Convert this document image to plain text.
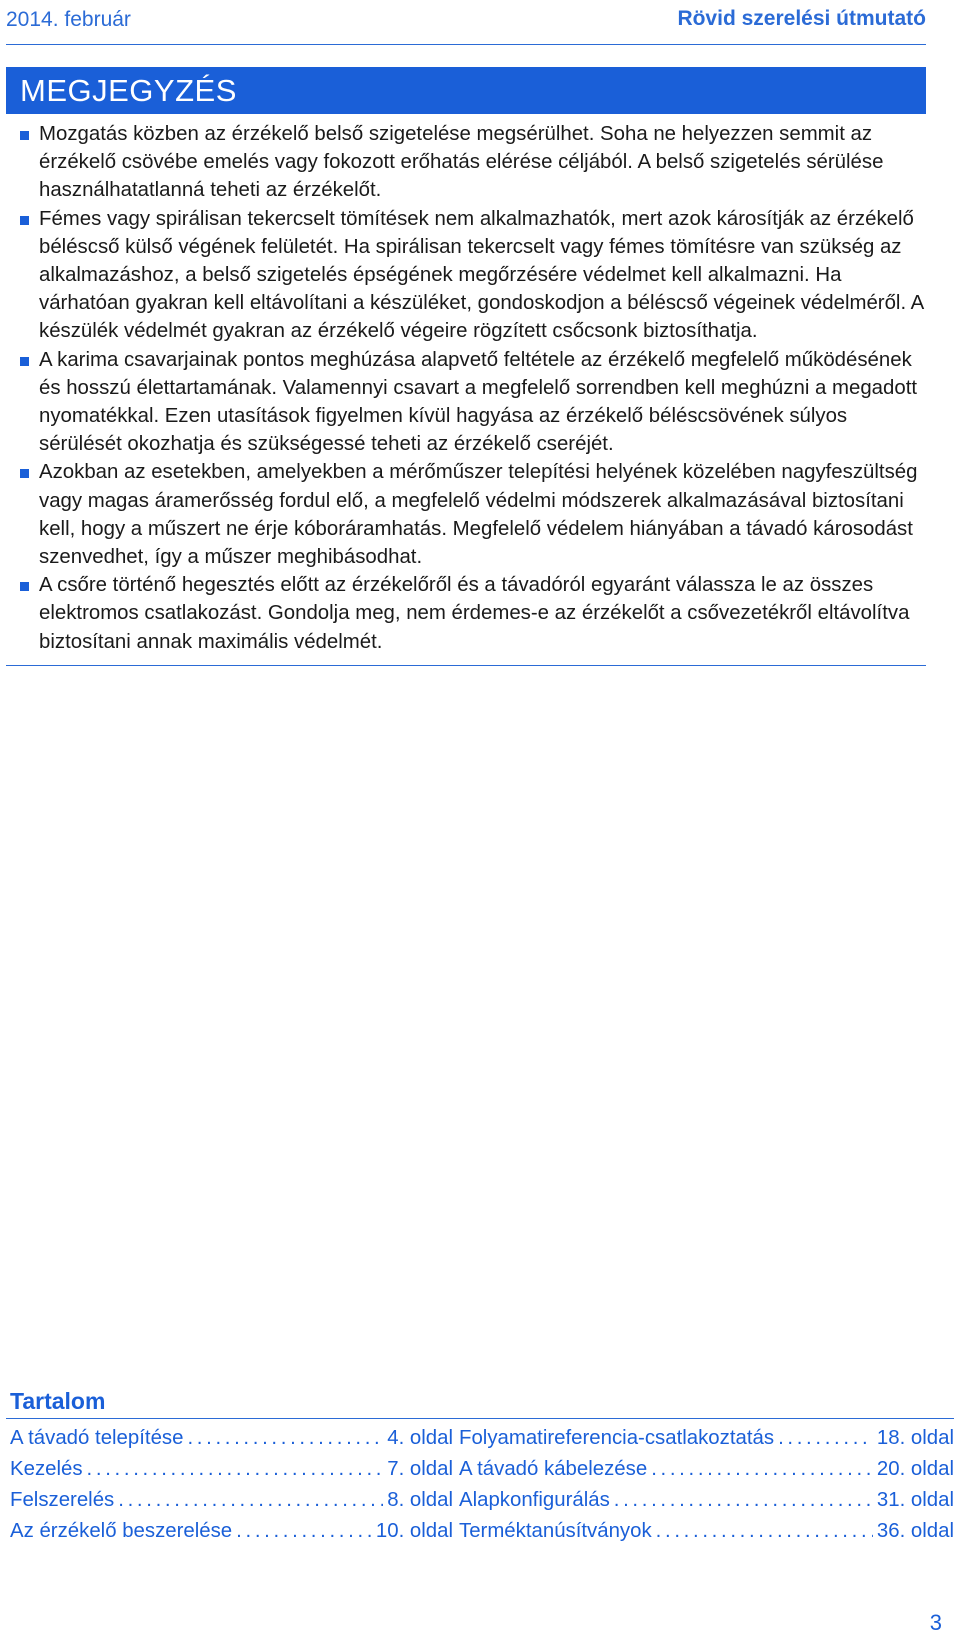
2014. február	Rövid szerelési útmutató
MEGJEGYZÉS
Mozgatás közben az érzékelő belső szigetelése megsérülhet. Soha ne helyezzen semmit az érzékelő csövébe emelés vagy fokozott erőhatás elérése céljából. A belső szigetelés sérülése használhatatlanná teheti az érzékelőt.
Fémes vagy spirálisan tekercselt tömítések nem alkalmazhatók, mert azok károsítják az érzékelő béléscső külső végének felületét. Ha spirálisan tekercselt vagy fémes tömítésre van szükség az alkalmazáshoz, a belső szigetelés épségének megőrzésére védelmet kell alkalmazni. Ha várhatóan gyakran kell eltávolítani a készüléket, gondoskodjon a béléscső végeinek védelméről. A készülék védelmét gyakran az érzékelő végeire rögzített csőcsonk biztosíthatja.
A karima csavarjainak pontos meghúzása alapvető feltétele az érzékelő megfelelő működésének és hosszú élettartamának. Valamennyi csavart a megfelelő sorrendben kell meghúzni a megadott nyomatékkal. Ezen utasítások figyelmen kívül hagyása az érzékelő béléscsövének súlyos sérülését okozhatja és szükségessé teheti az érzékelő cseréjét.
Azokban az esetekben, amelyekben a mérőműszer telepítési helyének közelében nagyfeszültség vagy magas áramerősség fordul elő, a megfelelő védelmi módszerek alkalmazásával biztosítani kell, hogy a műszert ne érje kóboráramhatás. Megfelelő védelem hiányában a távadó károsodást szenvedhet, így a műszer meghibásodhat.
A csőre történő hegesztés előtt az érzékelőről és a távadóról egyaránt válassza le az összes elektromos csatlakozást. Gondolja meg, nem érdemes-e az érzékelőt a csővezetékről eltávolítva biztosítani annak maximális védelmét.
Tartalom
A távadó telepítése . . .	4. oldal
Kezelés . . .	7. oldal
Felszerelés . . .	8. oldal
Az érzékelő beszerelése . . .	10. oldal
Folyamatireferencia-csatlakoztatás . . .	18. oldal
A távadó kábelezése . . .	20. oldal
Alapkonfigurálás . . .	31. oldal
Terméktanúsítványok . . .	36. oldal
3
